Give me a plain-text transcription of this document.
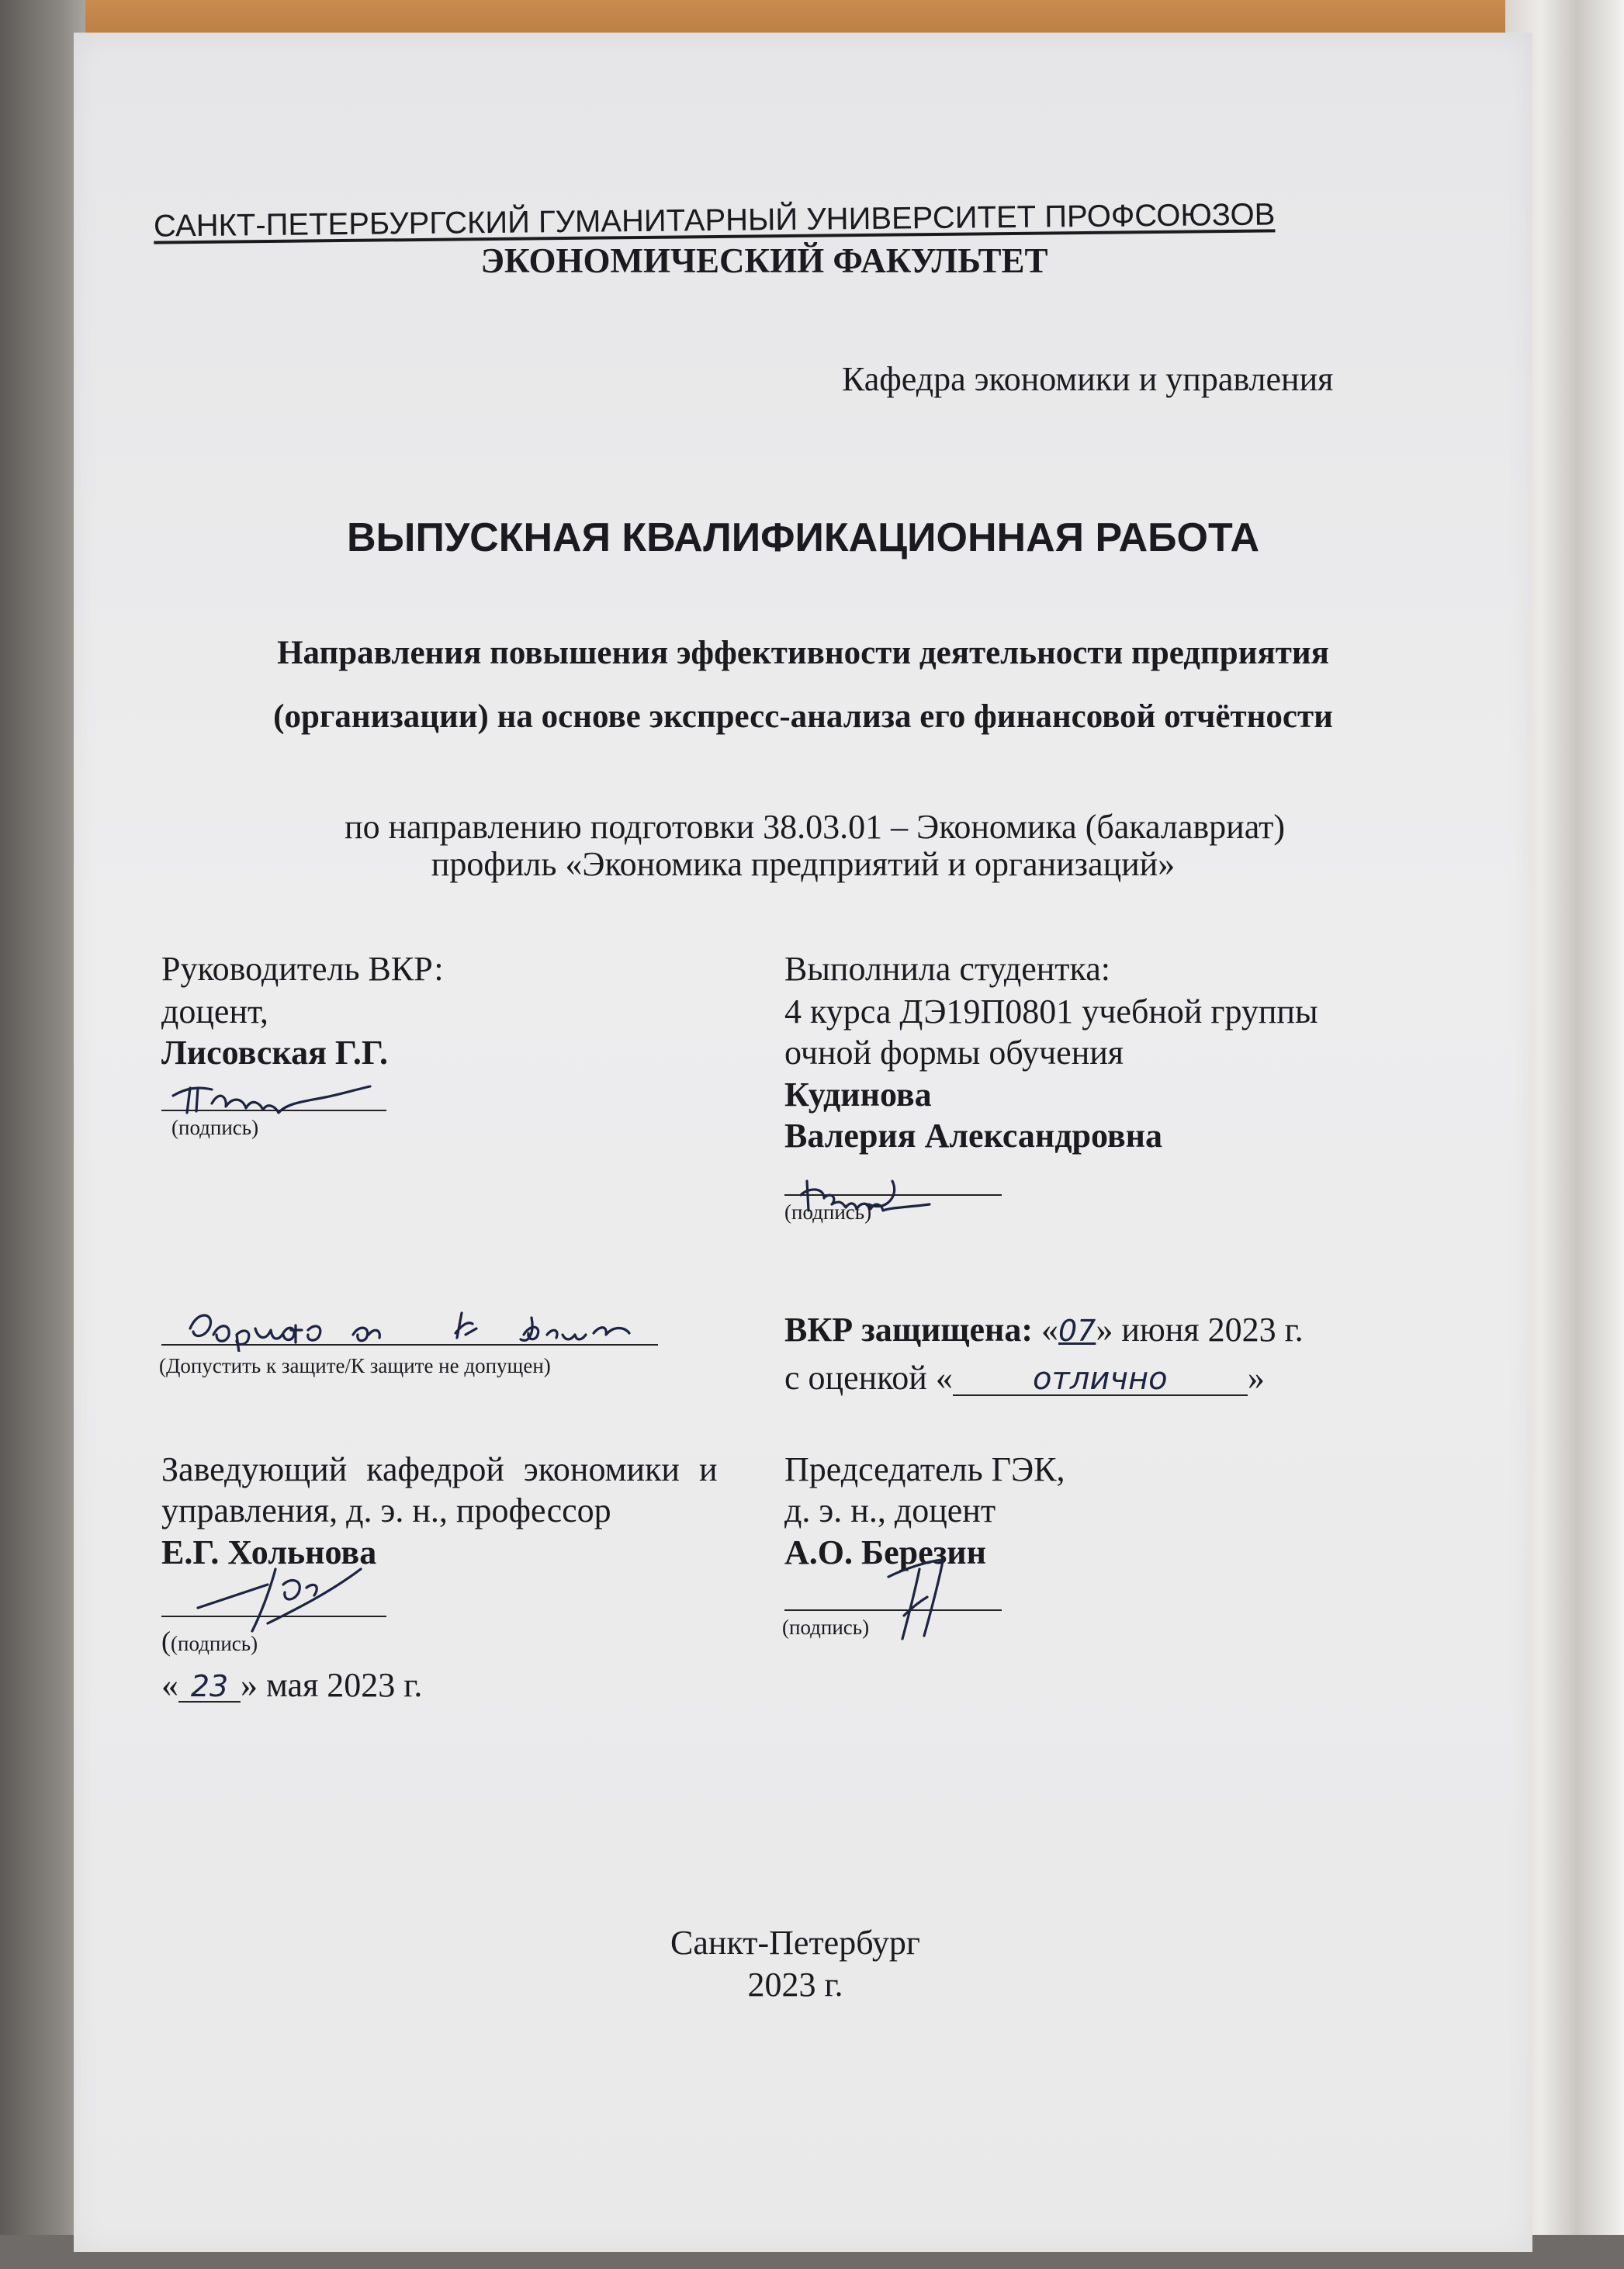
САНКТ-ПЕТЕРБУРГСКИЙ ГУМАНИТАРНЫЙ УНИВЕРСИТЕТ ПРОФСОЮЗОВ
ЭКОНОМИЧЕСКИЙ ФАКУЛЬТЕТ
Кафедра экономики и управления
ВЫПУСКНАЯ КВАЛИФИКАЦИОННАЯ РАБОТА
Направления повышения эффективности деятельности предприятия
(организации) на основе экспресс-анализа его финансовой отчётности
по направлению подготовки 38.03.01 – Экономика (бакалавриат)
профиль «Экономика предприятий и организаций»
Руководитель ВКР:
доцент,
Лисовская Г.Г.
(подпись)
Выполнила студентка:
4 курса ДЭ19П0801 учебной группы
очной формы обучения
Кудинова
Валерия Александровна
(подпись)
(Допустить к защите/К защите не допущен)
ВКР защищена: «07» июня 2023 г.
с оценкой «	отлично »
Заведующий кафедрой экономики и
управления, д. э. н., профессор
Е.Г. Хольнова
((подпись)
« 23 » мая 2023 г.
Председатель ГЭК,
д. э. н., доцент
А.О. Березин
(подпись)
Санкт-Петербург
2023 г.
